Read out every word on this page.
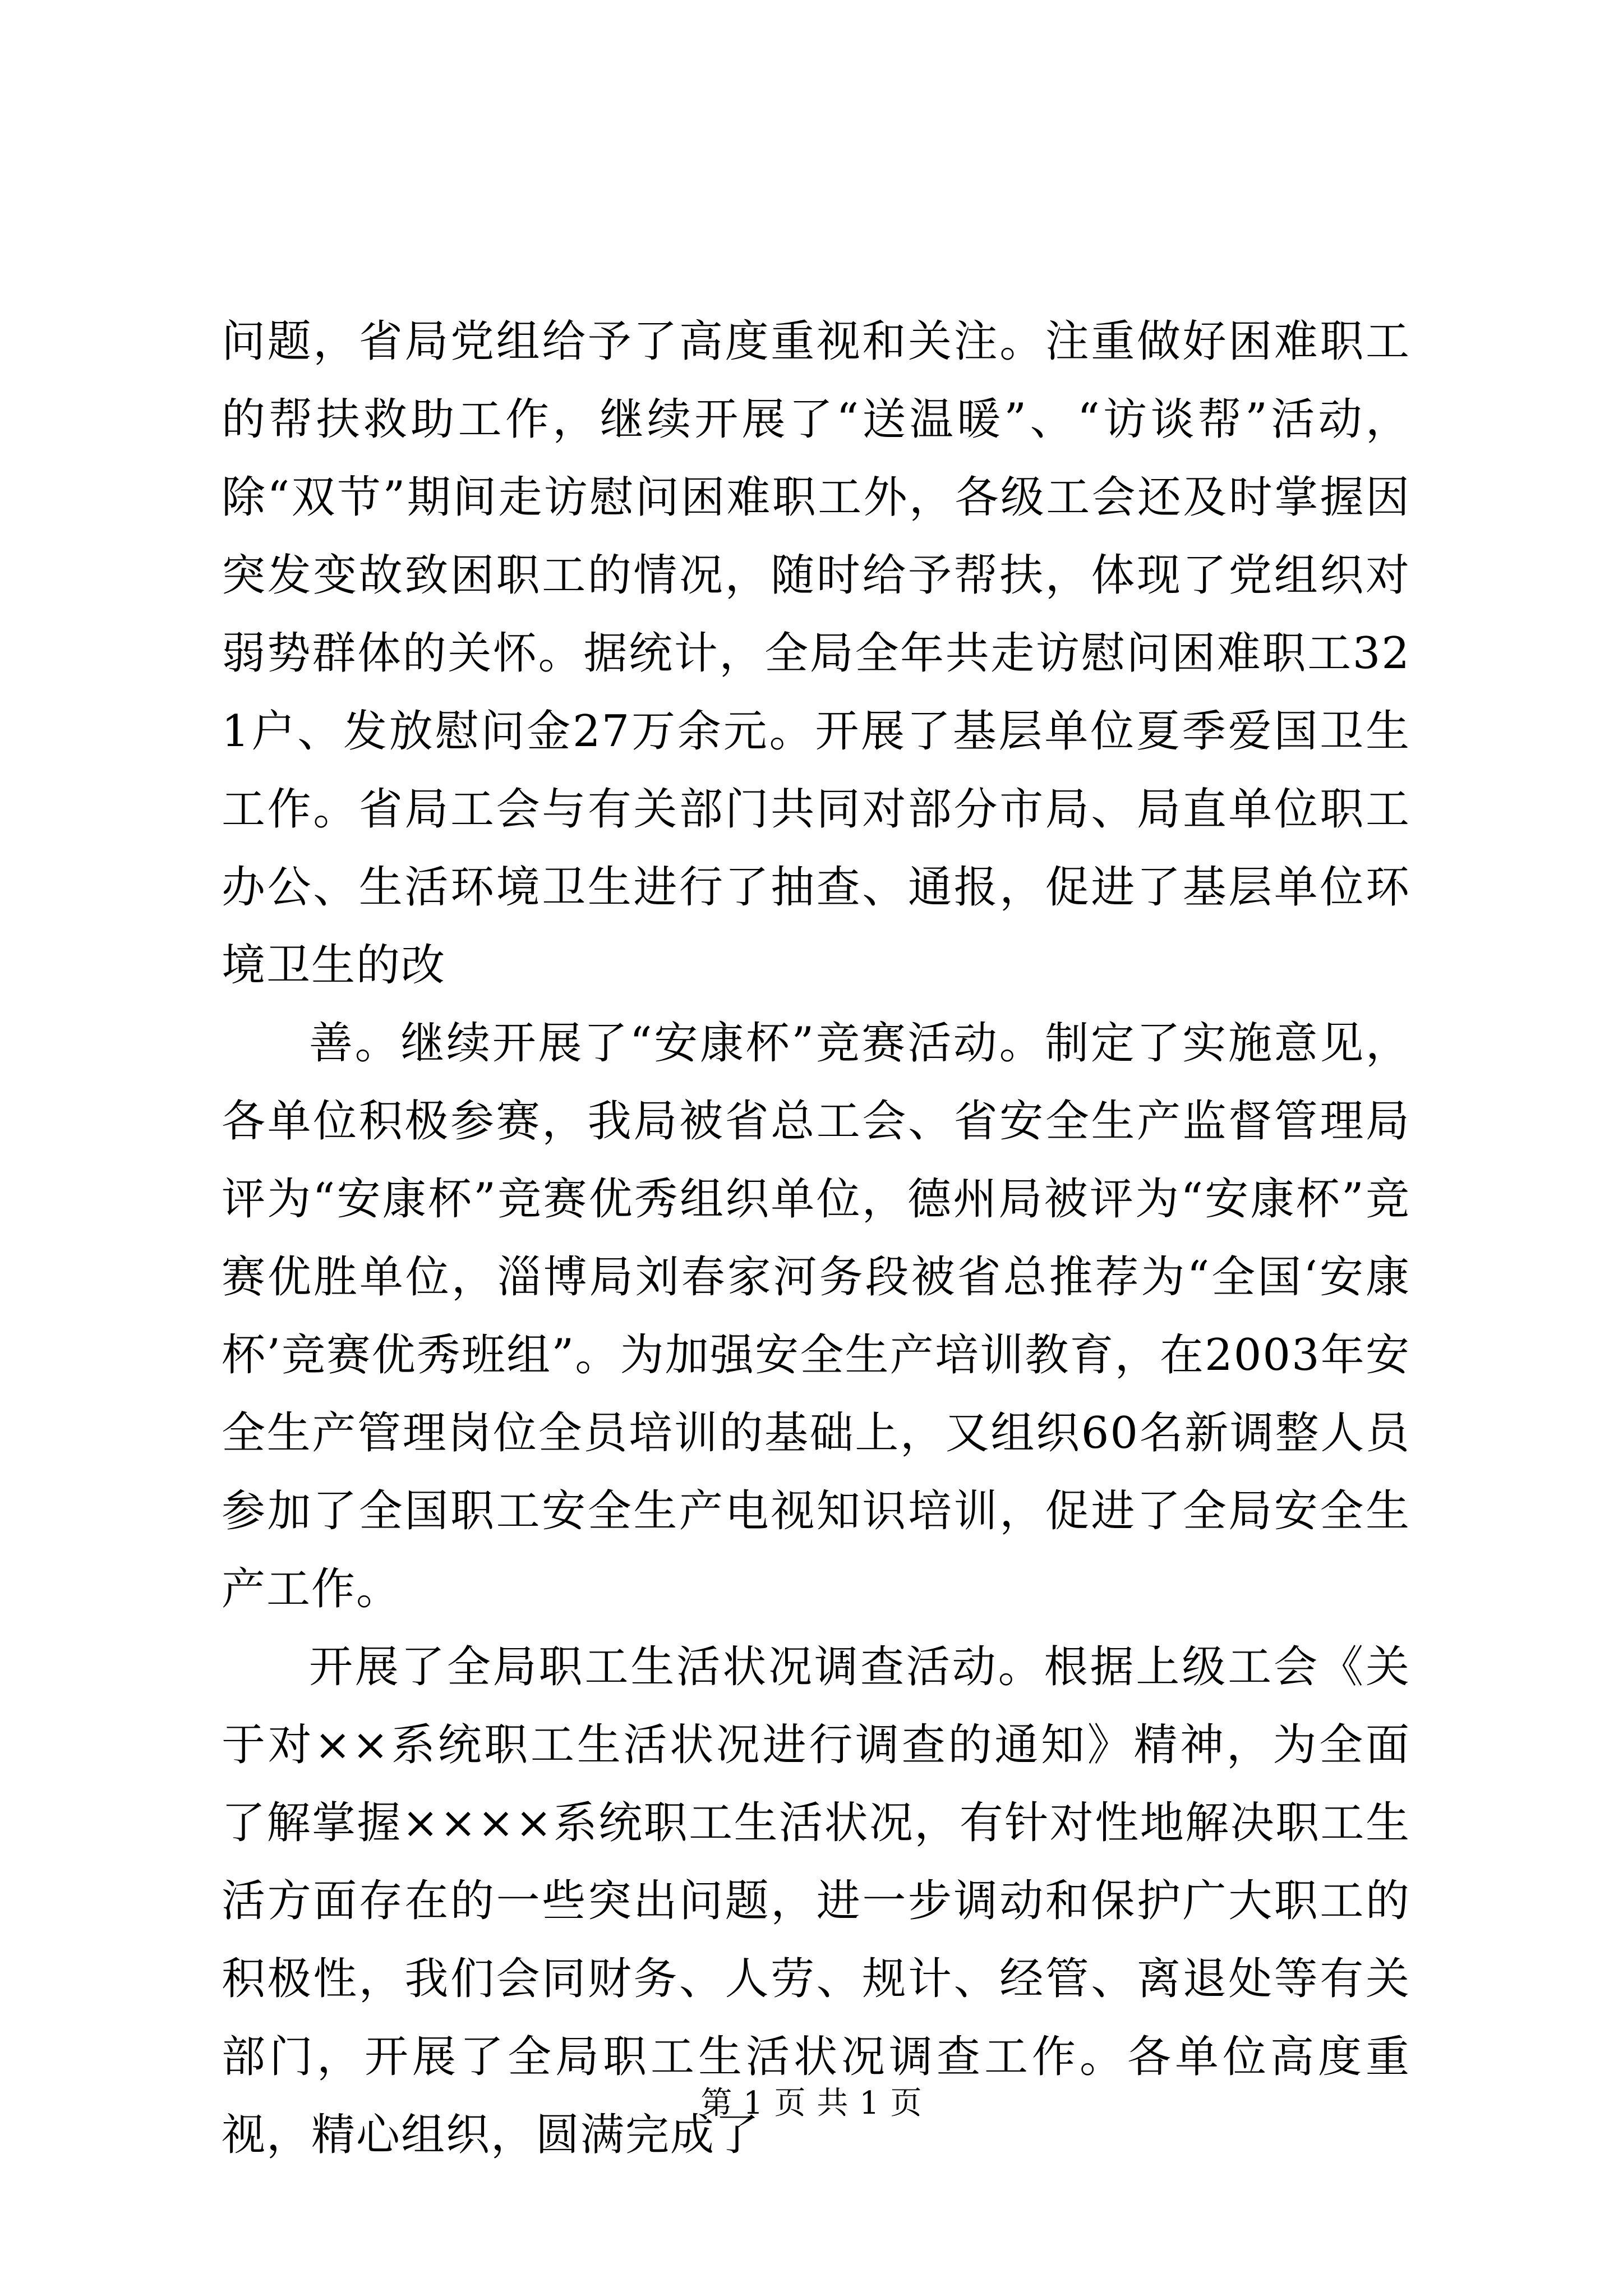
问题，省局党组给予了高度重视和关注。注重做好困难职工的帮扶救助工作，继续开展了“送温暖”、“访谈帮”活动，除“双节”期间走访慰问困难职工外，各级工会还及时掌握因突发变故致困职工的情况，随时给予帮扶，体现了党组织对弱势群体的关怀。据统计，全局全年共走访慰问困难职工321户、发放慰问金27万余元。开展了基层单位夏季爱国卫生工作。省局工会与有关部门共同对部分市局、局直单位职工办公、生活环境卫生进行了抽查、通报，促进了基层单位环境卫生的改

善。继续开展了“安康杯”竞赛活动。制定了实施意见，各单位积极参赛，我局被省总工会、省安全生产监督管理局评为“安康杯”竞赛优秀组织单位，德州局被评为“安康杯”竞赛优胜单位，淄博局刘春家河务段被省总推荐为“全国‘安康杯’竞赛优秀班组”。为加强安全生产培训教育，在2003年安全生产管理岗位全员培训的基础上，又组织60名新调整人员参加了全国职工安全生产电视知识培训，促进了全局安全生产工作。

开展了全局职工生活状况调查活动。根据上级工会《关于对××系统职工生活状况进行调查的通知》精神，为全面了解掌握××××系统职工生活状况，有针对性地解决职工生活方面存在的一些突出问题，进一步调动和保护广大职工的积极性，我们会同财务、人劳、规计、经管、离退处等有关部门，开展了全局职工生活状况调查工作。各单位高度重视，精心组织，圆满完成了

第 1 页 共 1 页
